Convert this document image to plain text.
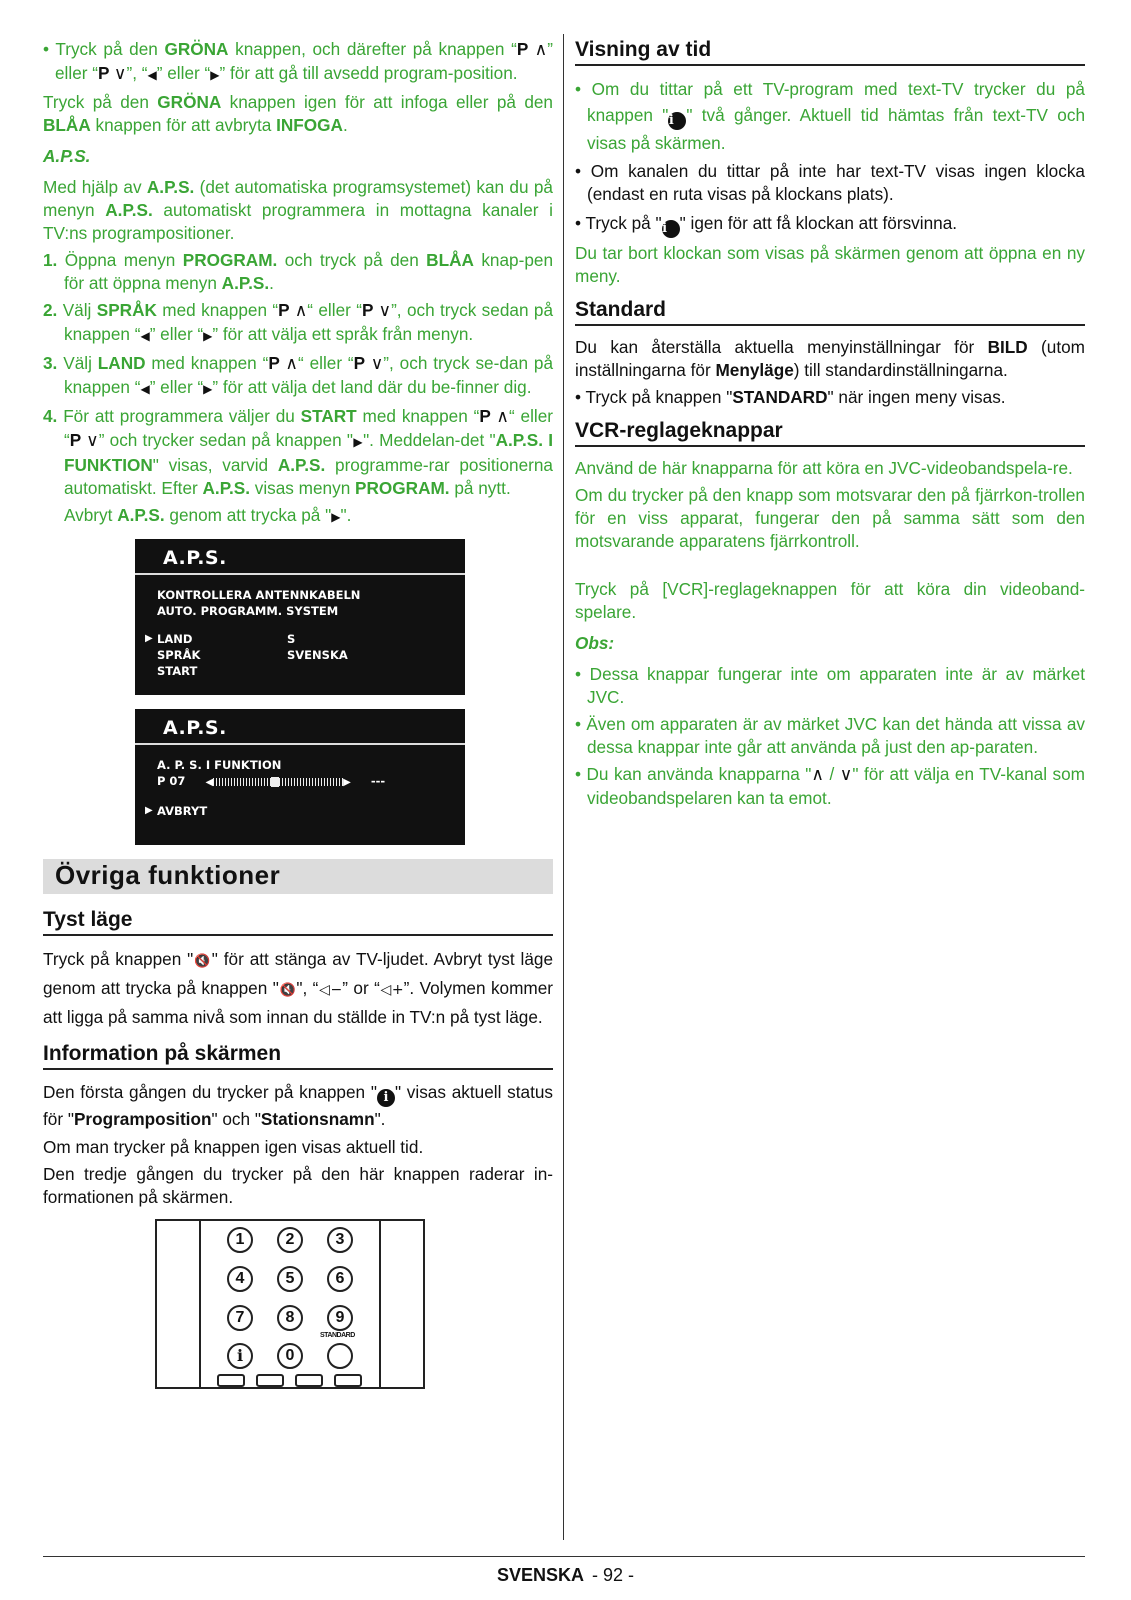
• Tryck på den GRÖNA knappen, och därefter på knappen “P ∧” eller “P ∨”, “◀” eller “▶” för att gå till avsedd program-position.

Tryck på den GRÖNA knappen igen för att infoga eller på den BLÅA knappen för att avbryta INFOGA.

A.P.S.

Med hjälp av A.P.S. (det automatiska programsystemet) kan du på menyn A.P.S. automatiskt programmera in mottagna kanaler i TV:ns programpositioner.

1. Öppna menyn PROGRAM. och tryck på den BLÅA knap-pen för att öppna menyn A.P.S..

2. Välj SPRÅK med knappen “P ∧“ eller “P ∨”, och tryck sedan på knappen “◀” eller “▶” för att välja ett språk från menyn.

3. Välj LAND med knappen “P ∧“ eller “P ∨”, och tryck se-dan på knappen “◀” eller “▶” för att välja det land där du be-finner dig.

4. För att programmera väljer du START med knappen “P ∧“ eller “P ∨” och trycker sedan på knappen "▶". Meddelan-det "A.P.S. I FUNKTION" visas, varvid A.P.S. programme-rar positionerna automatiskt. Efter A.P.S. visas menyn PROGRAM. på nytt.

Avbryt A.P.S. genom att trycka på "▶".

A.P.S.
KONTROLLERA ANTENNKABELN
AUTO. PROGRAMM. SYSTEM
▶ LAND	S
SPRÅK	SVENSKA
START
A.P.S.
A. P. S. I FUNKTION
P 07 ◀	▶ ---
▶ AVBRYT
Övriga funktioner
Tyst läge

Tryck på knappen "🔇" för att stänga av TV-ljudet. Avbryt tyst läge genom att trycka på knappen "🔇", “◁−” or “◁+”. Volymen kommer att ligga på samma nivå som innan du ställde in TV:n på tyst läge.

Information på skärmen

Den första gången du trycker på knappen " i " visas aktuell status för "Programposition" och "Stationsnamn".

Om man trycker på knappen igen visas aktuell tid.

Den tredje gången du trycker på den här knappen raderar in-formationen på skärmen.

1	2	3
4	5	6
7	8	9
STANDARD
i	0
Visning av tid

• Om du tittar på ett TV-program med text-TV trycker du på knappen "i " två gånger. Aktuell tid hämtas från text-TV och visas på skärmen.

• Om kanalen du tittar på inte har text-TV visas ingen klocka (endast en ruta visas på klockans plats).

• Tryck på "i " igen för att få klockan att försvinna.

Du tar bort klockan som visas på skärmen genom att öppna en ny meny.

Standard

Du kan återställa aktuella menyinställningar för BILD (utom inställningarna för Menyläge) till standardinställningarna.

• Tryck på knappen "STANDARD" när ingen meny visas.

VCR-reglageknappar

Använd de här knapparna för att köra en JVC-videobandspela-re.

Om du trycker på den knapp som motsvarar den på fjärrkon-trollen för en viss apparat, fungerar den på samma sätt som den motsvarande apparatens fjärrkontroll.

Tryck på [VCR]-reglageknappen för att köra din videoband-spelare.

Obs:

• Dessa knappar fungerar inte om apparaten inte är av märket JVC.

• Även om apparaten är av märket JVC kan det hända att vissa av dessa knappar inte går att använda på just den ap-paraten.

• Du kan använda knapparna "∧ / ∨" för att välja en TV-kanal som videobandspelaren kan ta emot.

SVENSKA - 92 -
